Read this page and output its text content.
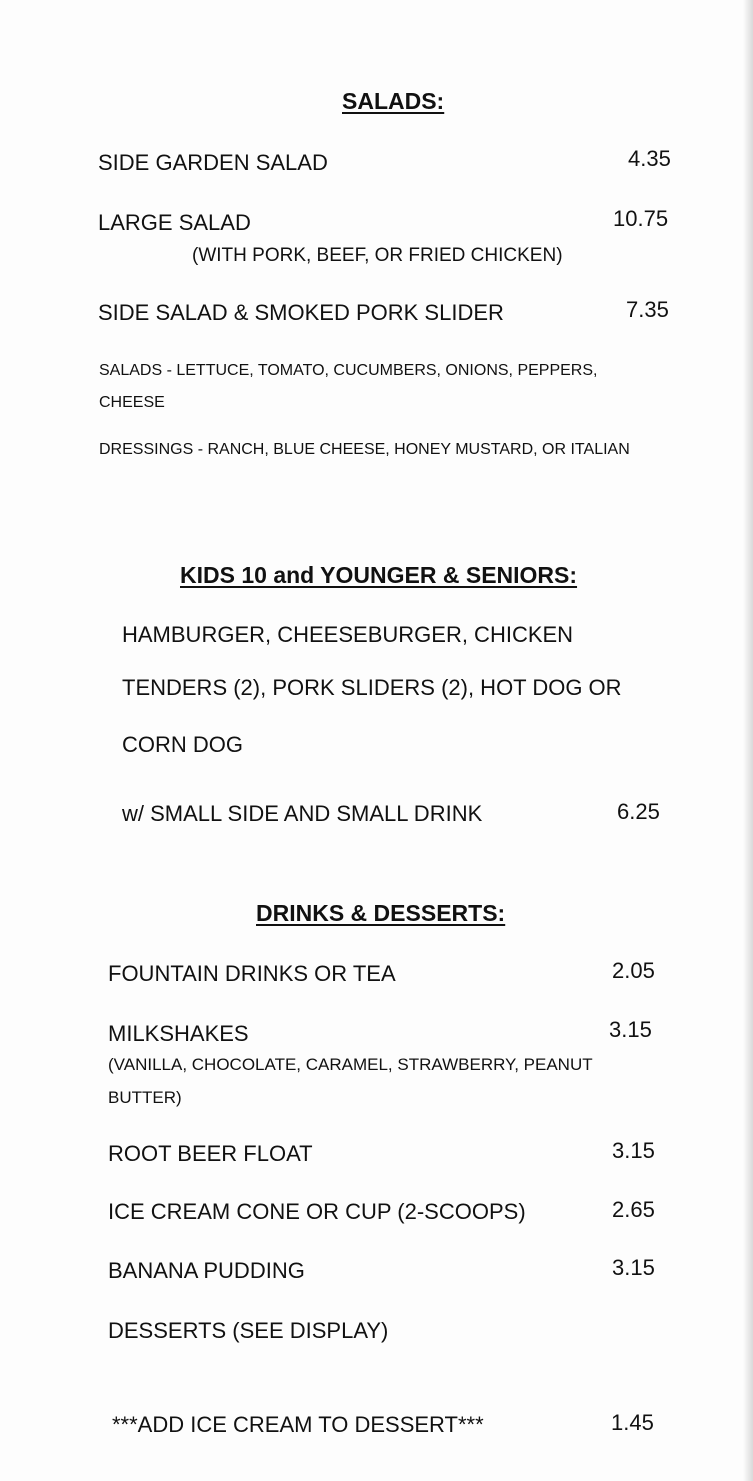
SALADS:
SIDE GARDEN SALAD	4.35
LARGE SALAD	10.75
(WITH PORK, BEEF, OR FRIED CHICKEN)
SIDE SALAD & SMOKED PORK SLIDER	7.35
SALADS - LETTUCE, TOMATO, CUCUMBERS, ONIONS, PEPPERS,
CHEESE
DRESSINGS - RANCH, BLUE CHEESE, HONEY MUSTARD, OR ITALIAN
KIDS 10 and YOUNGER & SENIORS:
HAMBURGER, CHEESEBURGER, CHICKEN
TENDERS (2), PORK SLIDERS (2), HOT DOG OR
CORN DOG
w/ SMALL SIDE AND SMALL DRINK	6.25
DRINKS & DESSERTS:
FOUNTAIN DRINKS OR TEA	2.05
MILKSHAKES	3.15
(VANILLA, CHOCOLATE, CARAMEL, STRAWBERRY, PEANUT
BUTTER)
ROOT BEER FLOAT	3.15
ICE CREAM CONE OR CUP (2-SCOOPS)	2.65
BANANA PUDDING	3.15
DESSERTS (SEE DISPLAY)
***ADD ICE CREAM TO DESSERT***	1.45
